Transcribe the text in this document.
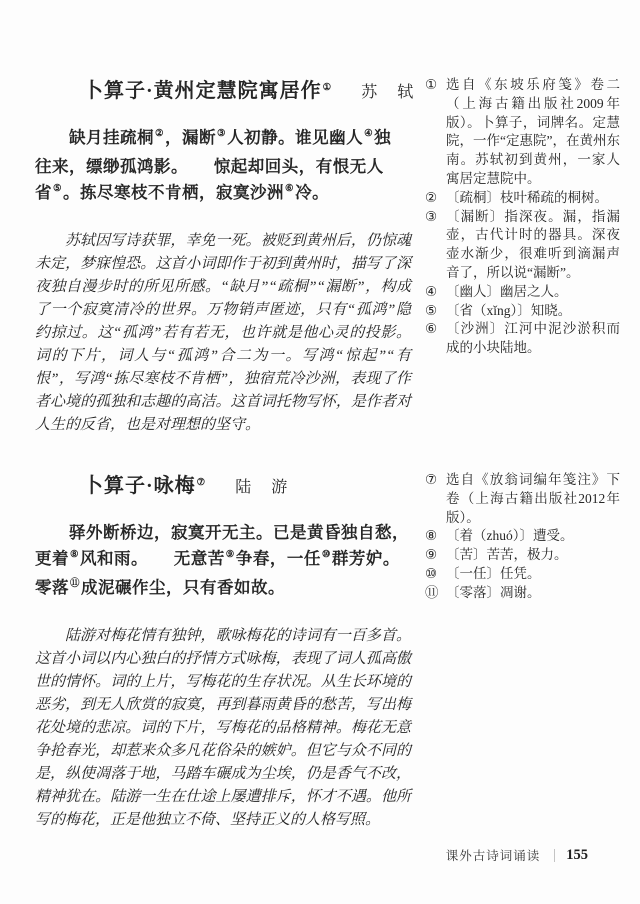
卜算子·黄州定慧院寓居作① 苏　轼
缺月挂疏桐②，漏断③人初静。谁见幽人④独
往来，缥缈孤鸿影。　　惊起却回头，有恨无人
省⑤。拣尽寒枝不肯栖，寂寞沙洲⑥冷。

苏轼因写诗获罪，幸免一死。被贬到黄州后，仍惊魂未定，梦寐惶恐。这首小词即作于初到黄州时，描写了深夜独自漫步时的所见所感。“缺月”“疏桐”“漏断”，构成了一个寂寞清冷的世界。万物销声匿迹，只有“孤鸿”隐约掠过。这“孤鸿”若有若无，也许就是他心灵的投影。词的下片，词人与“孤鸿”合二为一。写鸿“惊起”“有恨”，写鸿“拣尽寒枝不肯栖”，独宿荒冷沙洲，表现了作者心境的孤独和志趣的高洁。这首词托物写怀，是作者对人生的反省，也是对理想的坚守。

① 选自《东坡乐府笺》卷二（上海古籍出版社2009年版）。卜算子，词牌名。定慧院，一作“定惠院”，在黄州东南。苏轼初到黄州，一家人寓居定慧院中。
② 〔疏桐〕枝叶稀疏的桐树。
③ 〔漏断〕指深夜。漏，指漏壶，古代计时的器具。深夜壶水渐少，很难听到滴漏声音了，所以说“漏断”。
④ 〔幽人〕幽居之人。
⑤ 〔省（xǐng）〕知晓。
⑥ 〔沙洲〕江河中泥沙淤积而成的小块陆地。
卜算子·咏梅⑦ 陆　游
驿外断桥边，寂寞开无主。已是黄昏独自愁，
更着⑧风和雨。　　无意苦⑨争春，一任⑩群芳妒。
零落⑪成泥碾作尘，只有香如故。

陆游对梅花情有独钟，歌咏梅花的诗词有一百多首。这首小词以内心独白的抒情方式咏梅，表现了词人孤高傲世的情怀。词的上片，写梅花的生存状况。从生长环境的恶劣，到无人欣赏的寂寞，再到暮雨黄昏的愁苦，写出梅花处境的悲凉。词的下片，写梅花的品格精神。梅花无意争抢春光，却惹来众多凡花俗朵的嫉妒。但它与众不同的是，纵使凋落于地，马踏车碾成为尘埃，仍是香气不改，精神犹在。陆游一生在仕途上屡遭排斥，怀才不遇。他所写的梅花，正是他独立不倚、坚持正义的人格写照。

⑦ 选自《放翁词编年笺注》下卷（上海古籍出版社2012年版）。
⑧ 〔着（zhuó）〕遭受。
⑨ 〔苦〕苦苦，极力。
⑩ 〔一任〕任凭。
⑪ 〔零落〕凋谢。
课外古诗词诵读 155
